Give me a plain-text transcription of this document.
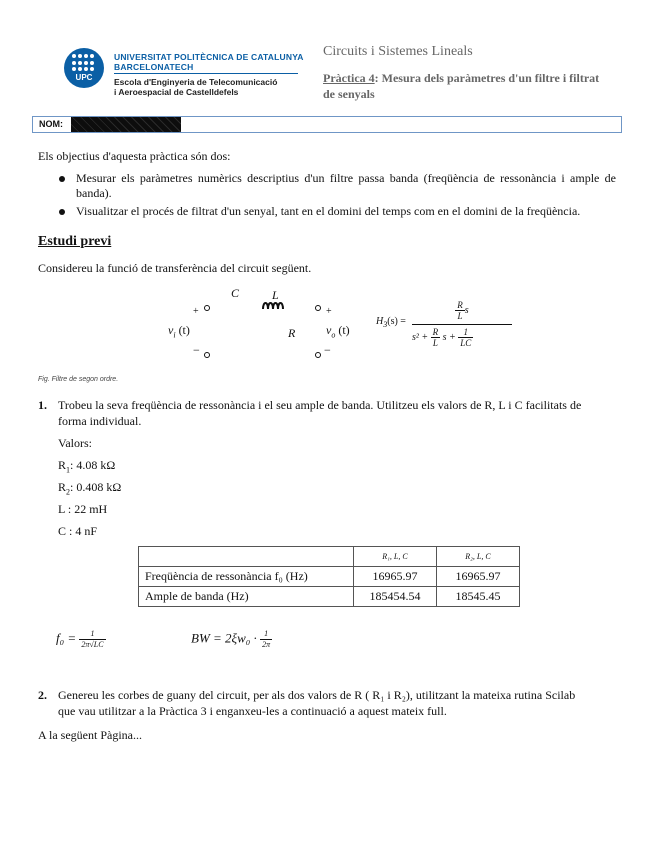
UPC
UNIVERSITAT POLITÈCNICA DE CATALUNYA
BARCELONATECH
Escola d'Enginyeria de Telecomunicació
i Aeroespacial de Castelldefels
Circuits i Sistemes Lineals
Pràctica 4: Mesura dels paràmetres d'un filtre i filtrat de senyals
NOM:
Els objectius d'aquesta pràctica són dos:
Mesurar els paràmetres numèrics descriptius d'un filtre passa banda (freqüència de ressonància i ample de banda).
Visualitzar el procés de filtrat d'un senyal, tant en el domini del temps com en el domini de la freqüència.
Estudi previ
Considereu la funció de transferència del circuit següent.
C	L
R
+
−
+
−
$v_i$ (t)	$v_o$ (t)
$H_3(s)$ =
$\frac{R}{L}$ s
$s^2 + \frac{R}{L}$ $s + \frac{1}{LC}$
Fig. Filtre de segon ordre.
1. Trobeu la seva freqüència de ressonància i el seu ample de banda. Utilitzeu els valors de R, L i C facilitats de
forma individual.
Valors:
$R_1$: 4.08 kΩ
$R_2$: 0.408 kΩ
L : 22 mH
C : 4 nF
	R₁, L, C	R₂, L, C
Freqüència de ressonància f₀ (Hz)	16965.97	16965.97
Ample de banda (Hz)	185454.54	18545.45
$f_0 = \frac{1}{2\pi√LC}$	BW = $2\xi w_0 \cdot \frac{1}{2\pi}$
2. Genereu les corbes de guany del circuit, per als dos valors de R ( R₁ i R₂), utilitzant la mateixa rutina Scilab
que vau utilitzar a la Pràctica 3 i enganxeu-les a continuació a aquest mateix full.
A la següent Pàgina...
